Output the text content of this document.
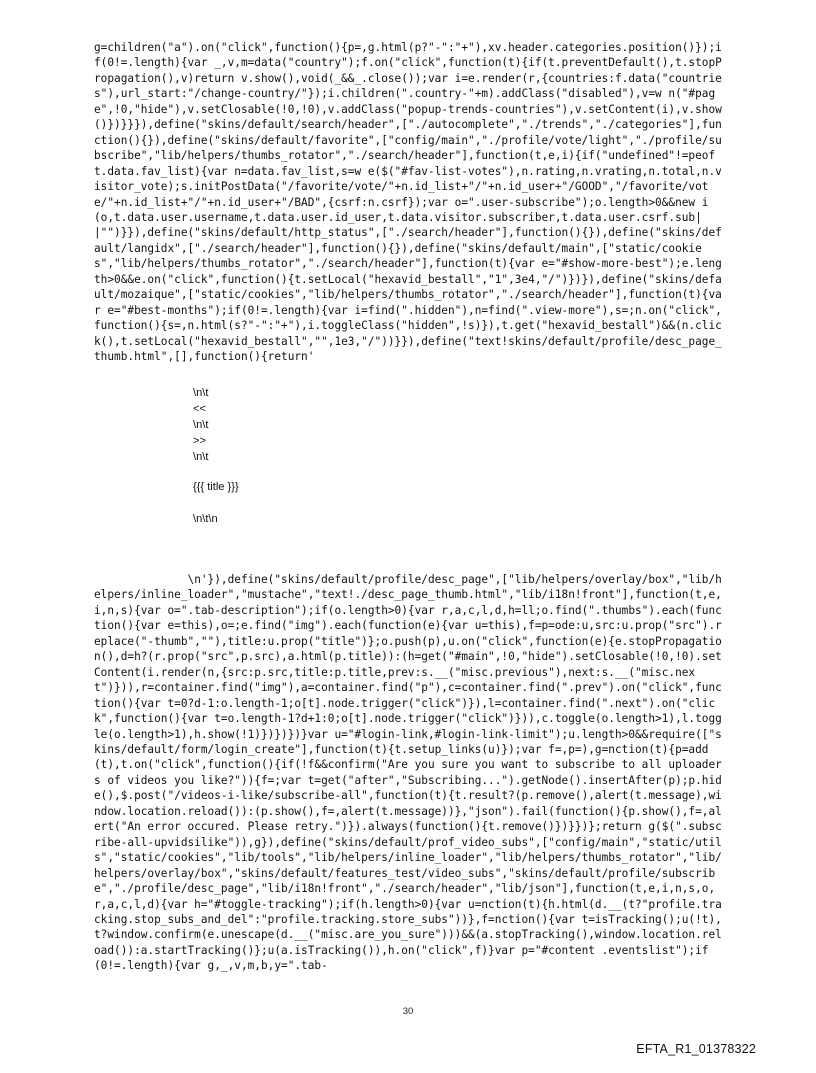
g=children("a").on("click",function(){p=,g.html(p?"-":"+"),xv.header.categories.position()});if(0!=.length){var _,v,m=data("country");f.on("click",function(t){if(t.preventDefault(),t.stopPropagation(),v)return v.show(),void(_&&_.close());var i=e.render(r,{countries:f.data("countries"),url_start:"/change-country/"});i.children(".country-"+m).addClass("disabled"),v=w n("#page",!0,"hide"),v.setClosable(!0,!0),v.addClass("popup-trends-countries"),v.setContent(i),v.show()})}}}),define("skins/default/search/header",["./autocomplete","./trends","./categories"],function(){}),define("skins/default/favorite",["config/main","./profile/vote/light","./profile/subscribe","lib/helpers/thumbs_rotator","./search/header"],function(t,e,i){if("undefined"!=peof t.data.fav_list){var n=data.fav_list,s=w e($("#fav-list-votes"),n.rating,n.vrating,n.total,n.visitor_vote);s.initPostData("/favorite/vote/"+n.id_list+"/"+n.id_user+"/GOOD","/favorite/vote/"+n.id_list+"/"+n.id_user+"/BAD",{csrf:n.csrf});var o=".user-subscribe");o.length>0&&new i(o,t.data.user.username,t.data.user.id_user,t.data.visitor.subscriber,t.data.user.csrf.sub||"")}}),define("skins/default/http_status",["./search/header"],function(){}),define("skins/default/langidx",["./search/header"],function(){}),define("skins/default/main",["static/cookies","lib/helpers/thumbs_rotator","./search/header"],function(t){var e="#show-more-best");e.length>0&&e.on("click",function(){t.setLocal("hexavid_bestall","1",3e4,"/")})}),define("skins/default/mozaique",["static/cookies","lib/helpers/thumbs_rotator","./search/header"],function(t){var e="#best-months");if(0!=.length){var i=find(".hidden"),n=find(".view-more"),s=;n.on("click",function(){s=,n.html(s?"-":"+"),i.toggleClass("hidden",!s)}),t.get("hexavid_bestall")&&(n.click(),t.setLocal("hexavid_bestall","",1e3,"/"))}}),define("text!skins/default/profile/desc_page_thumb.html",[],function(){return'
\n\t
<<
\n\t
>>
\n\t
{{{ title }}}
\n\t\n
\n'}),define("skins/default/profile/desc_page",["lib/helpers/overlay/box","lib/helpers/inline_loader","mustache","text!./desc_page_thumb.html","lib/i18n!front"],function(t,e,i,n,s){var o=".tab-description");if(o.length>0){var r,a,c,l,d,h=ll;o.find(".thumbs").each(function(){var e=this),o=;e.find("img").each(function(e){var u=this),f=p=ode:u,src:u.prop("src").replace("-thumb",""),title:u.prop("title")};o.push(p),u.on("click",function(e){e.stopPropagation(),d=h?(r.prop("src",p.src),a.html(p.title)):(h=get("#main",!0,"hide").setClosable(!0,!0).setContent(i.render(n,{src:p.src,title:p.title,prev:s.__("misc.previous"),next:s.__("misc.next")})),r=container.find("img"),a=container.find("p"),c=container.find(".prev").on("click",function(){var t=0?d-1:o.length-1;o[t].node.trigger("click")}),l=container.find(".next").on("click",function(){var t=o.length-1?d+1:0;o[t].node.trigger("click")})),c.toggle(o.length>1),l.toggle(o.length>1),h.show(!1)})})})}var u="#login-link,#login-link-limit");u.length>0&&require(["skins/default/form/login_create"],function(t){t.setup_links(u)});var f=,p=),g=nction(t){p=add(t),t.on("click",function(){if(!f&&confirm("Are you sure you want to subscribe to all uploaders of videos you like?")){f=;var t=get("after","Subscribing...").getNode().insertAfter(p);p.hide(),$.post("/videos-i-like/subscribe-all",function(t){t.result?(p.remove(),alert(t.message),window.location.reload()):(p.show(),f=,alert(t.message))},"json").fail(function(){p.show(),f=,alert("An error occured. Please retry.")}).always(function(){t.remove()})}})};return g($(".subscribe-all-upvidsilike")),g}),define("skins/default/prof_video_subs",["config/main","static/utils","static/cookies","lib/tools","lib/helpers/inline_loader","lib/helpers/thumbs_rotator","lib/helpers/overlay/box","skins/default/features_test/video_subs","skins/default/profile/subscribe","./profile/desc_page","lib/i18n!front","./search/header","lib/json"],function(t,e,i,n,s,o,r,a,c,l,d){var h="#toggle-tracking");if(h.length>0){var u=nction(t){h.html(d.__(t?"profile.tracking.stop_subs_and_del":"profile.tracking.store_subs"))},f=nction(){var t=isTracking();u(!t),t?window.confirm(e.unescape(d.__("misc.are_you_sure")))&&(a.stopTracking(),window.location.reload()):a.startTracking()};u(a.isTracking()),h.on("click",f)}var p="#content .eventslist");if(0!=.length){var g,_,v,m,b,y=".tab-
30
EFTA_R1_01378322
